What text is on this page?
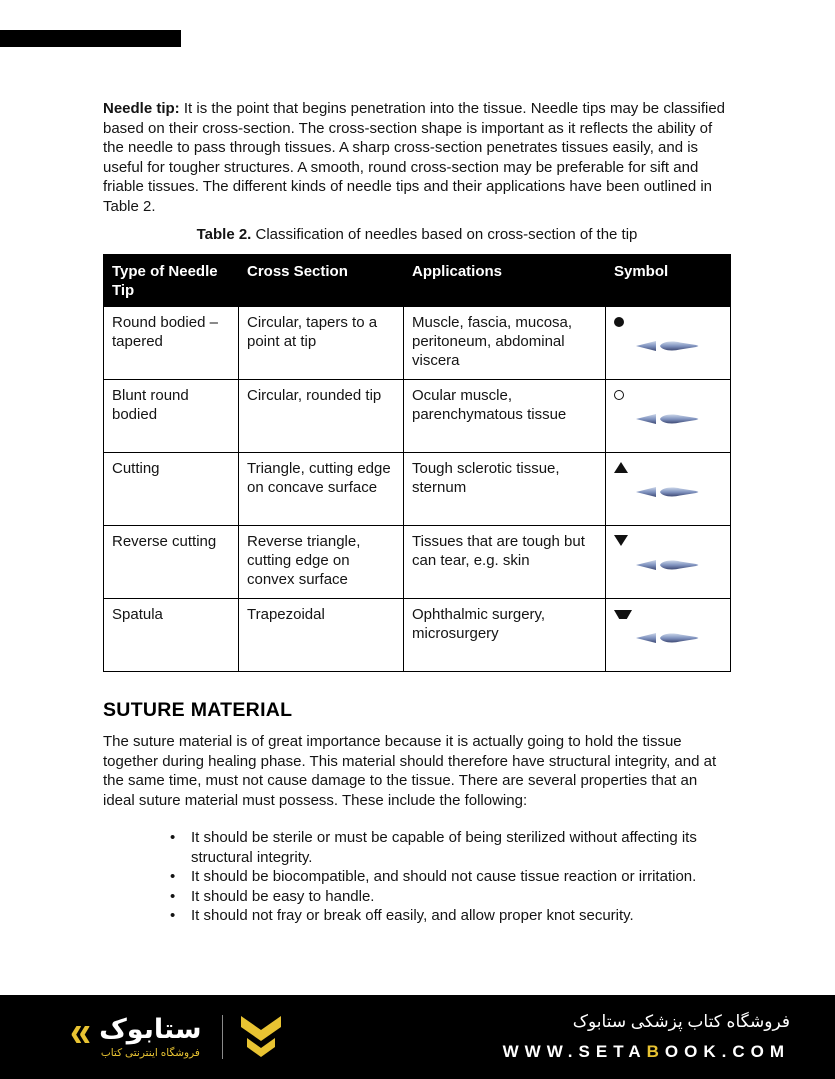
Needle tip: It is the point that begins penetration into the tissue. Needle tips may be classified based on their cross-section. The cross-section shape is important as it reflects the ability of the needle to pass through tissues. A sharp cross-section penetrates tissues easily, and is useful for tougher structures. A smooth, round cross-section may be preferable for sift and friable tissues. The different kinds of needle tips and their applications have been outlined in Table 2.

Table 2. Classification of needles based on cross-section of the tip

Type of Needle Tip	Cross Section	Applications	Symbol
Round bodied – tapered	Circular, tapers to a point at tip	Muscle, fascia, mucosa, peritoneum, abdominal viscera	

Blunt round bodied	Circular, rounded tip	Ocular muscle, parenchymatous tissue	

Cutting	Triangle, cutting edge on concave surface	Tough sclerotic tissue, sternum	

Reverse cutting	Reverse triangle, cutting edge on convex surface	Tissues that are tough but can tear, e.g. skin	

Spatula	Trapezoidal	Ophthalmic surgery, microsurgery	
SUTURE MATERIAL

The suture material is of great importance because it is actually going to hold the tissue together during healing phase. This material should therefore have structural integrity, and at the same time, must not cause damage to the tissue. There are several properties that an ideal suture material must possess. These include the following:

• It should be sterile or must be capable of being sterilized without affecting its structural integrity.
• It should be biocompatible, and should not cause tissue reaction or irritation.
• It should be easy to handle.
• It should not fray or break off easily, and allow proper knot security.
« ستابوک
فروشگاه اینترنتی کتاب
فروشگاه کتاب پزشکی ستابوک
WWW.SETABOOK.COM
